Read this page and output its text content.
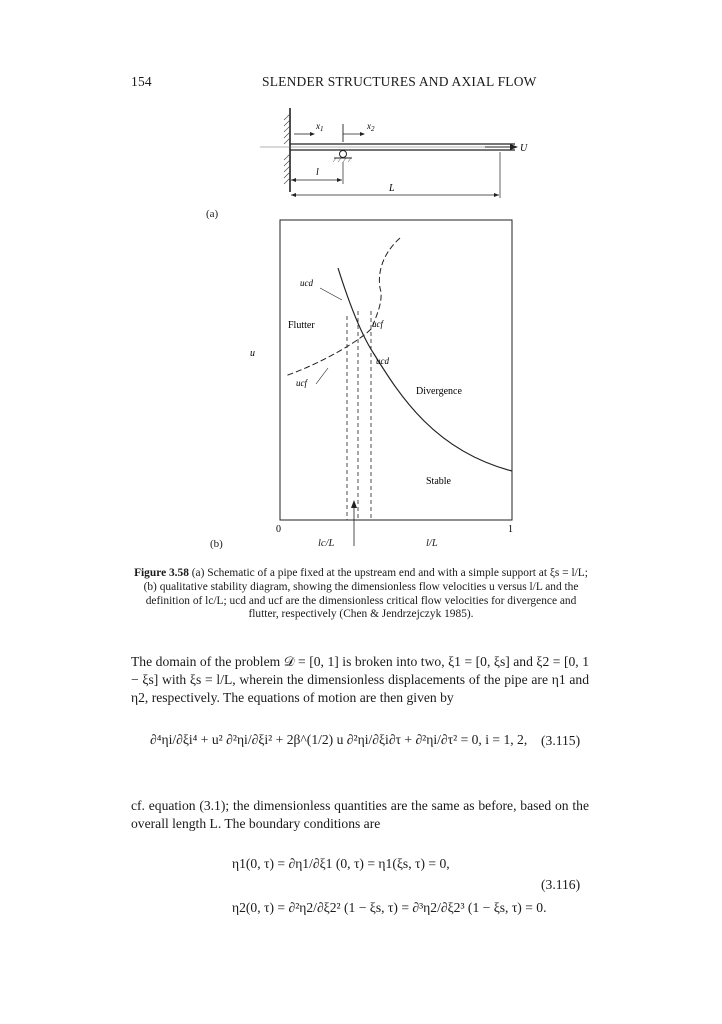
154	SLENDER STRUCTURES AND AXIAL FLOW
U
$x_1$	$x_2$
l
L
(a)
u
ucd
Flutter	ucf
ucd
ucf
Divergence
Stable
0	1
(b)	lc/L	l/L
Figure 3.58 (a) Schematic of a pipe fixed at the upstream end and with a simple support at ξs = l/L; (b) qualitative stability diagram, showing the dimensionless flow velocities u versus l/L and the definition of lc/L; ucd and ucf are the dimensionless critical flow velocities for divergence and flutter, respectively (Chen & Jendrzejczyk 1985).
The domain of the problem 𝒟 = [0, 1] is broken into two, ξ1 = [0, ξs] and ξ2 = [0, 1 − ξs] with ξs = l/L, wherein the dimensionless displacements of the pipe are η1 and η2, respectively. The equations of motion are then given by
∂⁴ηi/∂ξi⁴ + u² ∂²ηi/∂ξi² + 2β^(1/2) u ∂²ηi/∂ξi∂τ + ∂²ηi/∂τ² = 0, i = 1, 2, (3.115)
cf. equation (3.1); the dimensionless quantities are the same as before, based on the overall length L. The boundary conditions are
η1(0, τ) = ∂η1/∂ξ1 (0, τ) = η1(ξs, τ) = 0,
η2(0, τ) = ∂²η2/∂ξ2² (1 − ξs, τ) = ∂³η2/∂ξ2³ (1 − ξs, τ) = 0.
(3.116)
